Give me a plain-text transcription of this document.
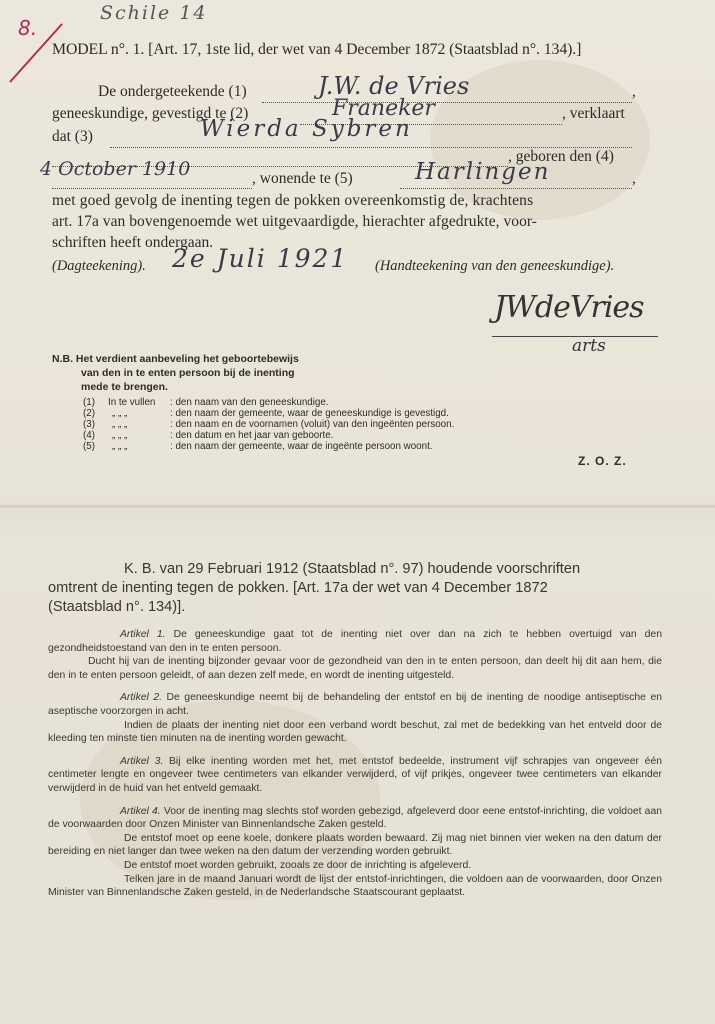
Schile 14
8.
MODEL n°. 1. [Art. 17, 1ste lid, der wet van 4 December 1872 (Staatsblad n°. 134).]
De ondergeteekende (1)	J.W. de Vries	,
geneeskundige, gevestigd te (2)	Franeker	, verklaart
dat (3)	Wierda Sybren
, geboren den (4)
4 October 1910	, wonende te (5)	Harlingen	,
met goed gevolg de inenting tegen de pokken overeenkomstig de, krachtens
art. 17a van bovengenoemde wet uitgevaardigde, hierachter afgedrukte, voor-
schriften heeft ondergaan.
(Dagteekening). 2e Juli 1921 (Handteekening van den geneeskundige).
JWdeVries
arts
N.B. Het verdient aanbeveling het geboortebewijs
van den in te enten persoon bij de inenting
mede te brengen.
(1) In te vullen : den naam van den geneeskundige.
(2) „ „ „	: den naam der gemeente, waar de geneeskundige is gevestigd.
(3) „ „ „	: den naam en de voornamen (voluit) van den ingeënten persoon.
(4) „ „ „	: den datum en het jaar van geboorte.
(5) „ „ „	: den naam der gemeente, waar de ingeënte persoon woont.
Z. O. Z.
K. B. van 29 Februari 1912 (Staatsblad n°. 97) houdende voorschriften
omtrent de inenting tegen de pokken. [Art. 17a der wet van 4 December 1872
(Staatsblad n°. 134)].

Artikel 1. De geneeskundige gaat tot de inenting niet over dan na zich te hebben overtuigd van den gezondheidstoestand van den in te enten persoon.

Ducht hij van de inenting bijzonder gevaar voor de gezondheid van den in te enten persoon, dan deelt hij dit aan hem, die den in te enten persoon geleidt, of aan dezen zelf mede, en wordt de inenting uitgesteld.

Artikel 2. De geneeskundige neemt bij de behandeling der entstof en bij de inenting de noodige antiseptische en aseptische voorzorgen in acht.

Indien de plaats der inenting niet door een verband wordt beschut, zal met de bedekking van het entveld door de kleeding ten minste tien minuten na de inenting worden gewacht.

Artikel 3. Bij elke inenting worden met het, met entstof bedeelde, instrument vijf schrapjes van ongeveer één centimeter lengte en ongeveer twee centimeters van elkander verwijderd, of vijf prikjes, ongeveer twee centimeters van elkander verwijderd in de huid van het entveld gemaakt.

Artikel 4. Voor de inenting mag slechts stof worden gebezigd, afgeleverd door eene entstof-inrichting, die voldoet aan de voorwaarden door Onzen Minister van Binnenlandsche Zaken gesteld.

De entstof moet op eene koele, donkere plaats worden bewaard. Zij mag niet binnen vier weken na den datum der bereiding en niet langer dan twee weken na den datum der verzending worden gebruikt.

De entstof moet worden gebruikt, zooals ze door de inrichting is afgeleverd.

Telken jare in de maand Januari wordt de lijst der entstof-inrichtingen, die voldoen aan de voorwaarden, door Onzen Minister van Binnenlandsche Zaken gesteld, in de Nederlandsche Staatscourant geplaatst.
